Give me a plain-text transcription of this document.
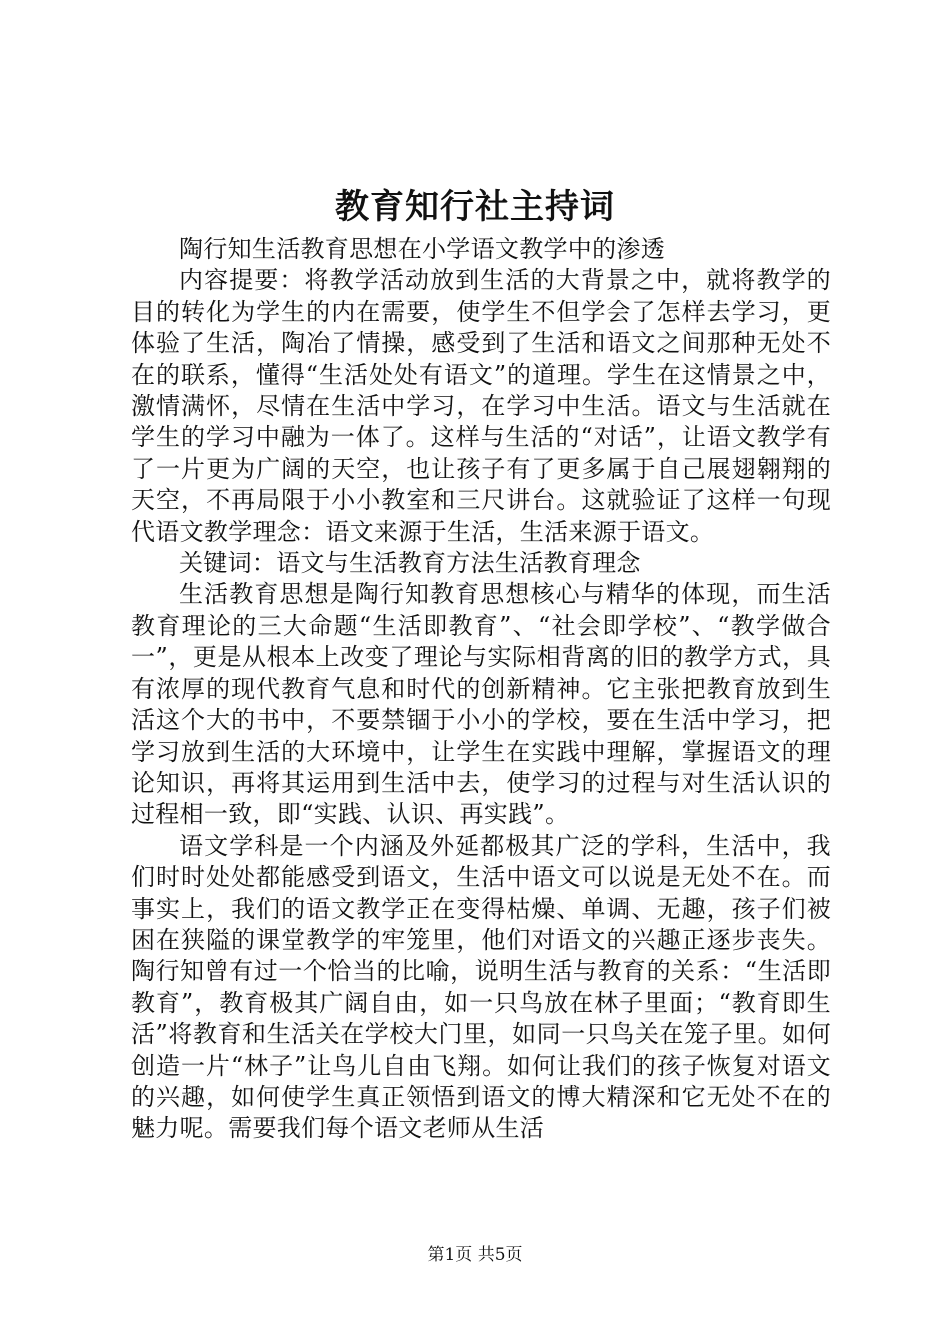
教育知行社主持词

陶行知生活教育思想在小学语文教学中的渗透

内容提要：将教学活动放到生活的大背景之中，就将教学的目的转化为学生的内在需要，使学生不但学会了怎样去学习，更体验了生活，陶冶了情操，感受到了生活和语文之间那种无处不在的联系，懂得“生活处处有语文”的道理。学生在这情景之中，激情满怀，尽情在生活中学习，在学习中生活。语文与生活就在学生的学习中融为一体了。这样与生活的“对话”，让语文教学有了一片更为广阔的天空，也让孩子有了更多属于自己展翅翱翔的天空，不再局限于小小教室和三尺讲台。这就验证了这样一句现代语文教学理念：语文来源于生活，生活来源于语文。

关键词：语文与生活教育方法生活教育理念

生活教育思想是陶行知教育思想核心与精华的体现，而生活教育理论的三大命题“生活即教育”、“社会即学校”、“教学做合一”，更是从根本上改变了理论与实际相背离的旧的教学方式，具有浓厚的现代教育气息和时代的创新精神。它主张把教育放到生活这个大的书中，不要禁锢于小小的学校，要在生活中学习，把学习放到生活的大环境中，让学生在实践中理解，掌握语文的理论知识，再将其运用到生活中去，使学习的过程与对生活认识的过程相一致，即“实践、认识、再实践”。

语文学科是一个内涵及外延都极其广泛的学科，生活中，我们时时处处都能感受到语文，生活中语文可以说是无处不在。而事实上，我们的语文教学正在变得枯燥、单调、无趣，孩子们被困在狭隘的课堂教学的牢笼里，他们对语文的兴趣正逐步丧失。陶行知曾有过一个恰当的比喻，说明生活与教育的关系：“生活即教育”，教育极其广阔自由，如一只鸟放在林子里面；“教育即生活”将教育和生活关在学校大门里，如同一只鸟关在笼子里。如何创造一片“林子”让鸟儿自由飞翔。如何让我们的孩子恢复对语文的兴趣，如何使学生真正领悟到语文的博大精深和它无处不在的魅力呢。需要我们每个语文老师从生活

第1页 共5页
